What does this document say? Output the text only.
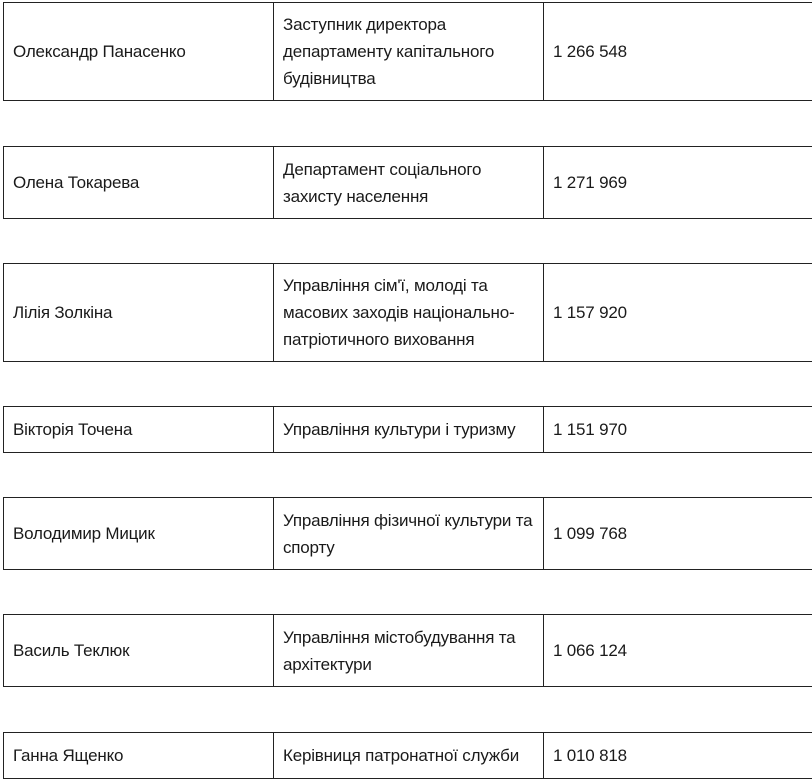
Олександр Панасенко	Заступник директора департаменту капітального будівництва	1 266 548
Олена Токарева	Департамент соціального захисту населення	1 271 969
Лілія Золкіна	Управління сім'ї, молоді та масових заходів національно-патріотичного виховання	1 157 920
Вікторія Точена	Управління культури і туризму	1 151 970
Володимир Мицик	Управління фізичної культури та спорту	1 099 768
Василь Теклюк	Управління містобудування та архітектури	1 066 124
Ганна Ященко	Керівниця патронатної служби	1 010 818
